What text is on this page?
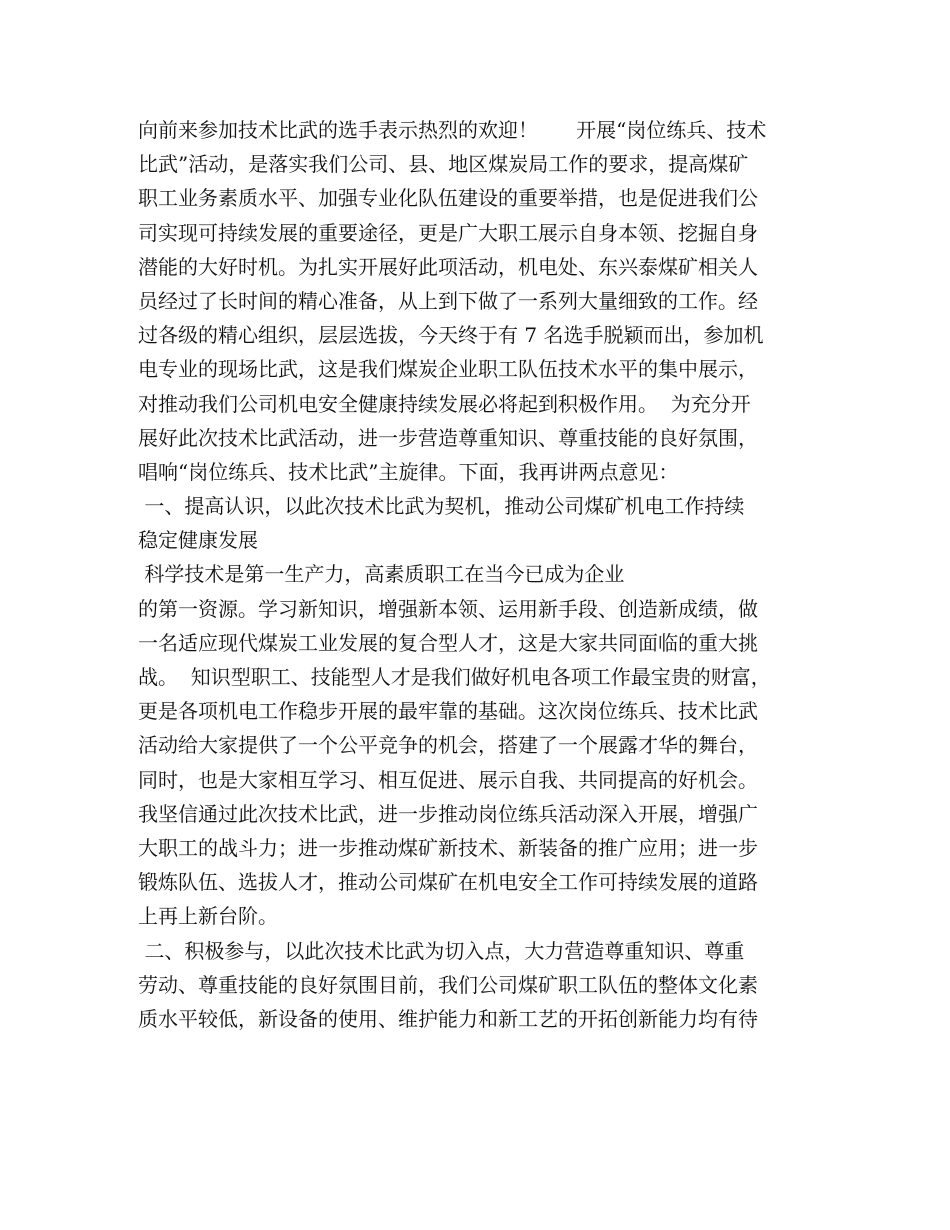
向前来参加技术比武的选手表示热烈的欢迎！      开展“岗位练兵、技术
比武”活动，是落实我们公司、县、地区煤炭局工作的要求，提高煤矿
职工业务素质水平、加强专业化队伍建设的重要举措，也是促进我们公
司实现可持续发展的重要途径，更是广大职工展示自身本领、挖掘自身
潜能的大好时机。为扎实开展好此项活动，机电处、东兴泰煤矿相关人
员经过了长时间的精心准备，从上到下做了一系列大量细致的工作。经
过各级的精心组织，层层选拔，今天终于有 7 名选手脱颖而出，参加机
电专业的现场比武，这是我们煤炭企业职工队伍技术水平的集中展示，
对推动我们公司机电安全健康持续发展必将起到积极作用。  为充分开
展好此次技术比武活动，进一步营造尊重知识、尊重技能的良好氛围，
唱响“岗位练兵、技术比武”主旋律。下面，我再讲两点意见：
一、提高认识，以此次技术比武为契机，推动公司煤矿机电工作持续
稳定健康发展
科学技术是第一生产力，高素质职工在当今已成为企业
的第一资源。学习新知识，增强新本领、运用新手段、创造新成绩，做
一名适应现代煤炭工业发展的复合型人才，这是大家共同面临的重大挑
战。  知识型职工、技能型人才是我们做好机电各项工作最宝贵的财富，
更是各项机电工作稳步开展的最牢靠的基础。这次岗位练兵、技术比武
活动给大家提供了一个公平竞争的机会，搭建了一个展露才华的舞台，
同时，也是大家相互学习、相互促进、展示自我、共同提高的好机会。
我坚信通过此次技术比武，进一步推动岗位练兵活动深入开展，增强广
大职工的战斗力；进一步推动煤矿新技术、新装备的推广应用；进一步
锻炼队伍、选拔人才，推动公司煤矿在机电安全工作可持续发展的道路
上再上新台阶。
二、积极参与，以此次技术比武为切入点，大力营造尊重知识、尊重
劳动、尊重技能的良好氛围目前，我们公司煤矿职工队伍的整体文化素
质水平较低，新设备的使用、维护能力和新工艺的开拓创新能力均有待
